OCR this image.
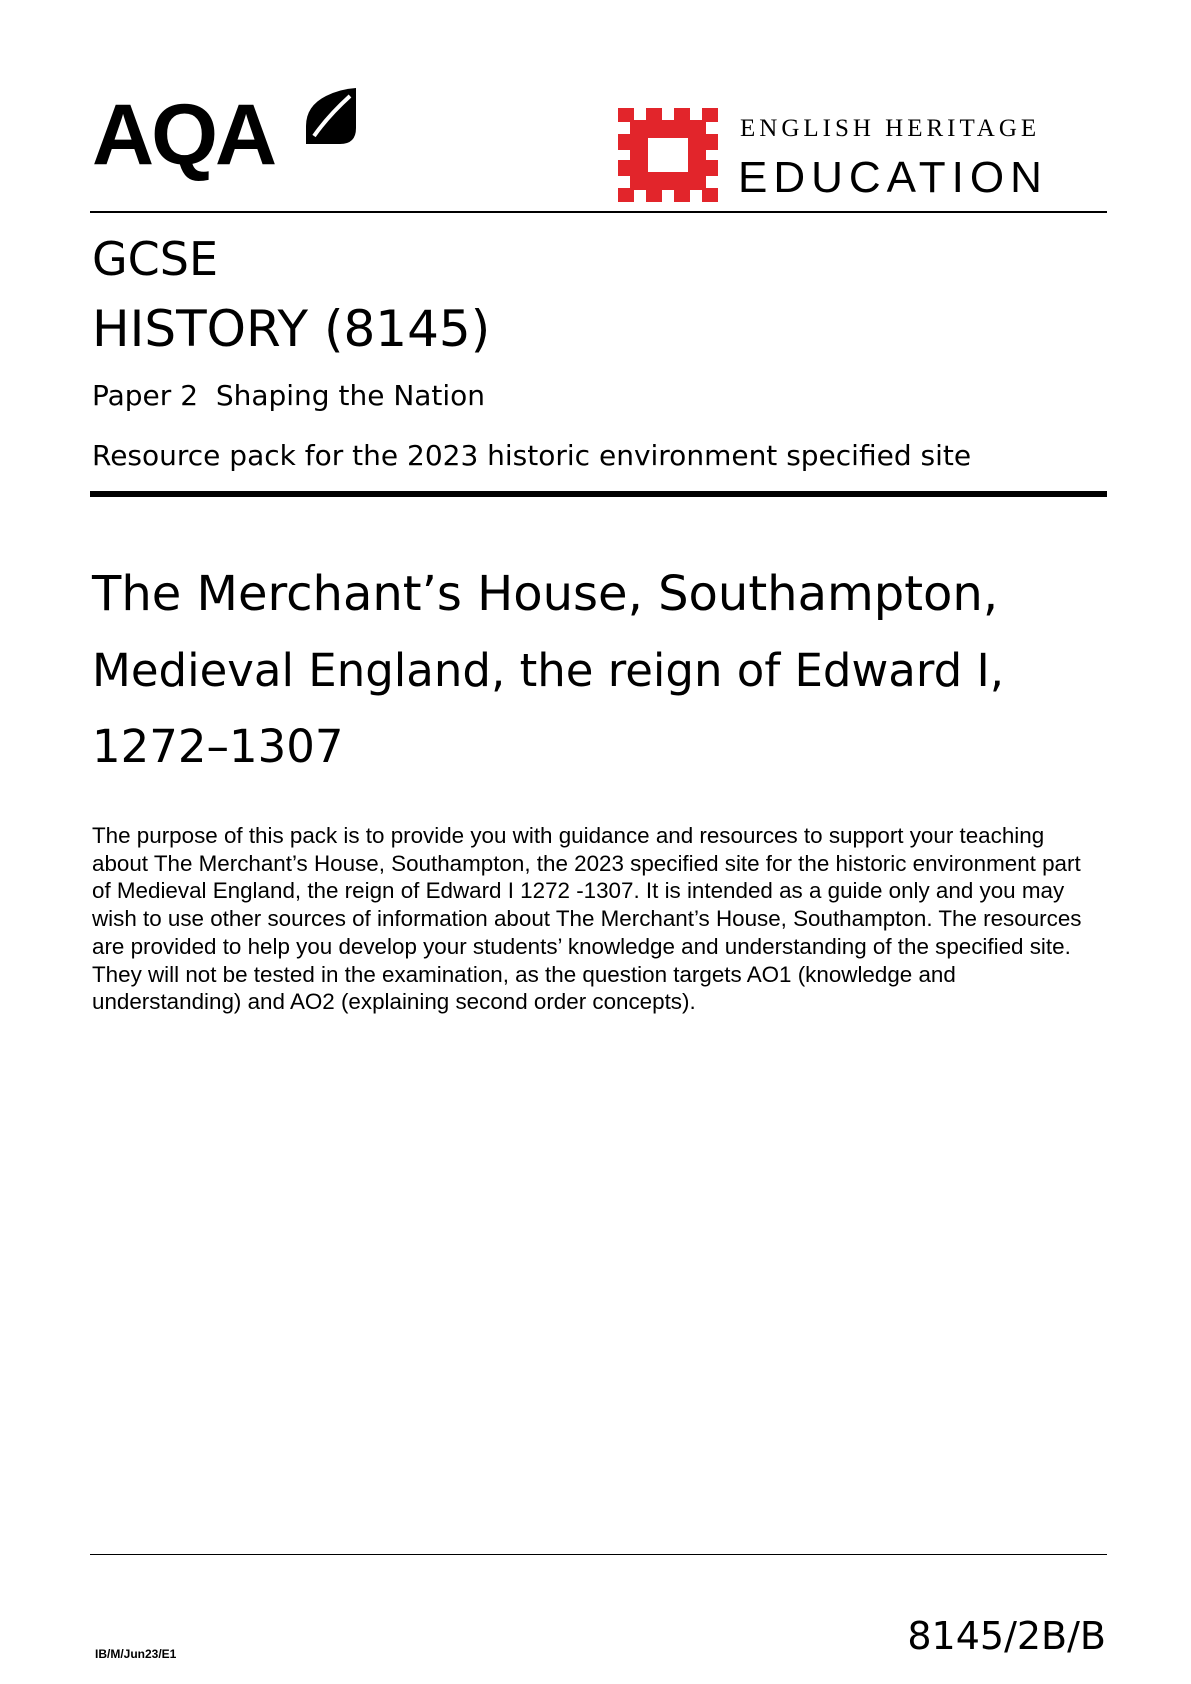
AQA	ENGLISH HERITAGE
EDUCATION
GCSE
HISTORY (8145)
Paper 2  Shaping the Nation
Resource pack for the 2023 historic environment specified site
The Merchant’s House, Southampton,
Medieval England, the reign of Edward I,
1272–1307

The purpose of this pack is to provide you with guidance and resources to support your teaching about The Merchant’s House, Southampton, the 2023 specified site for the historic environment part of Medieval England, the reign of Edward I 1272 -1307. It is intended as a guide only and you may wish to use other sources of information about The Merchant’s House, Southampton. The resources are provided to help you develop your students’ knowledge and understanding of the specified site. They will not be tested in the examination, as the question targets AO1 (knowledge and understanding) and AO2 (explaining second order concepts).

IB/M/Jun23/E1	8145/2B/B
